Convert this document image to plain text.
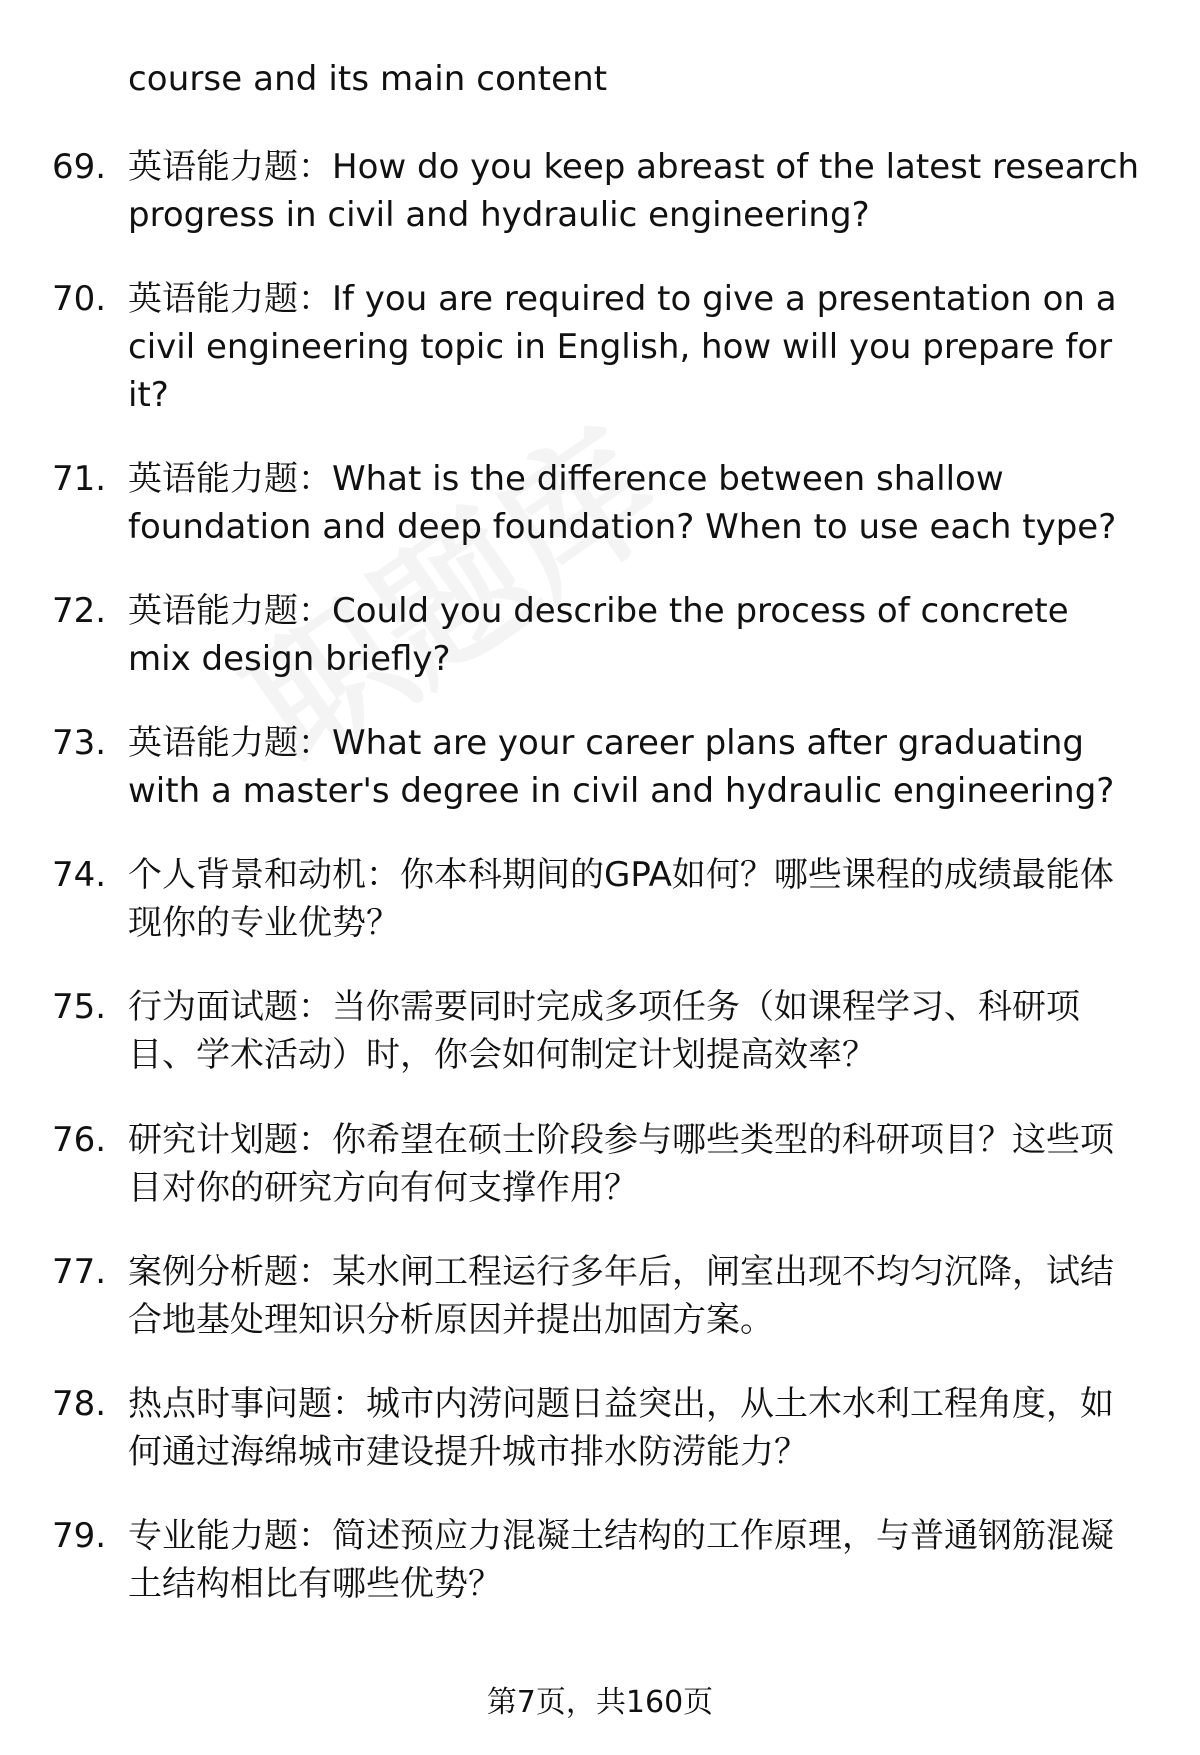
course and its main content
69. 英语能力题：How do you keep abreast of the latest research progress in civil and hydraulic engineering?
70. 英语能力题：If you are required to give a presentation on a civil engineering topic in English, how will you prepare for it?
71. 英语能力题：What is the difference between shallow foundation and deep foundation? When to use each type?
72. 英语能力题：Could you describe the process of concrete mix design briefly?
73. 英语能力题：What are your career plans after graduating with a master's degree in civil and hydraulic engineering?
74. 个人背景和动机：你本科期间的GPA如何？哪些课程的成绩最能体现你的专业优势？
75. 行为面试题：当你需要同时完成多项任务（如课程学习、科研项目、学术活动）时，你会如何制定计划提高效率？
76. 研究计划题：你希望在硕士阶段参与哪些类型的科研项目？这些项目对你的研究方向有何支撑作用？
77. 案例分析题：某水闸工程运行多年后，闸室出现不均匀沉降，试结合地基处理知识分析原因并提出加固方案。
78. 热点时事问题：城市内涝问题日益突出，从土木水利工程角度，如何通过海绵城市建设提升城市排水防涝能力？
79. 专业能力题：简述预应力混凝土结构的工作原理，与普通钢筋混凝土结构相比有哪些优势？
第7页，共160页
